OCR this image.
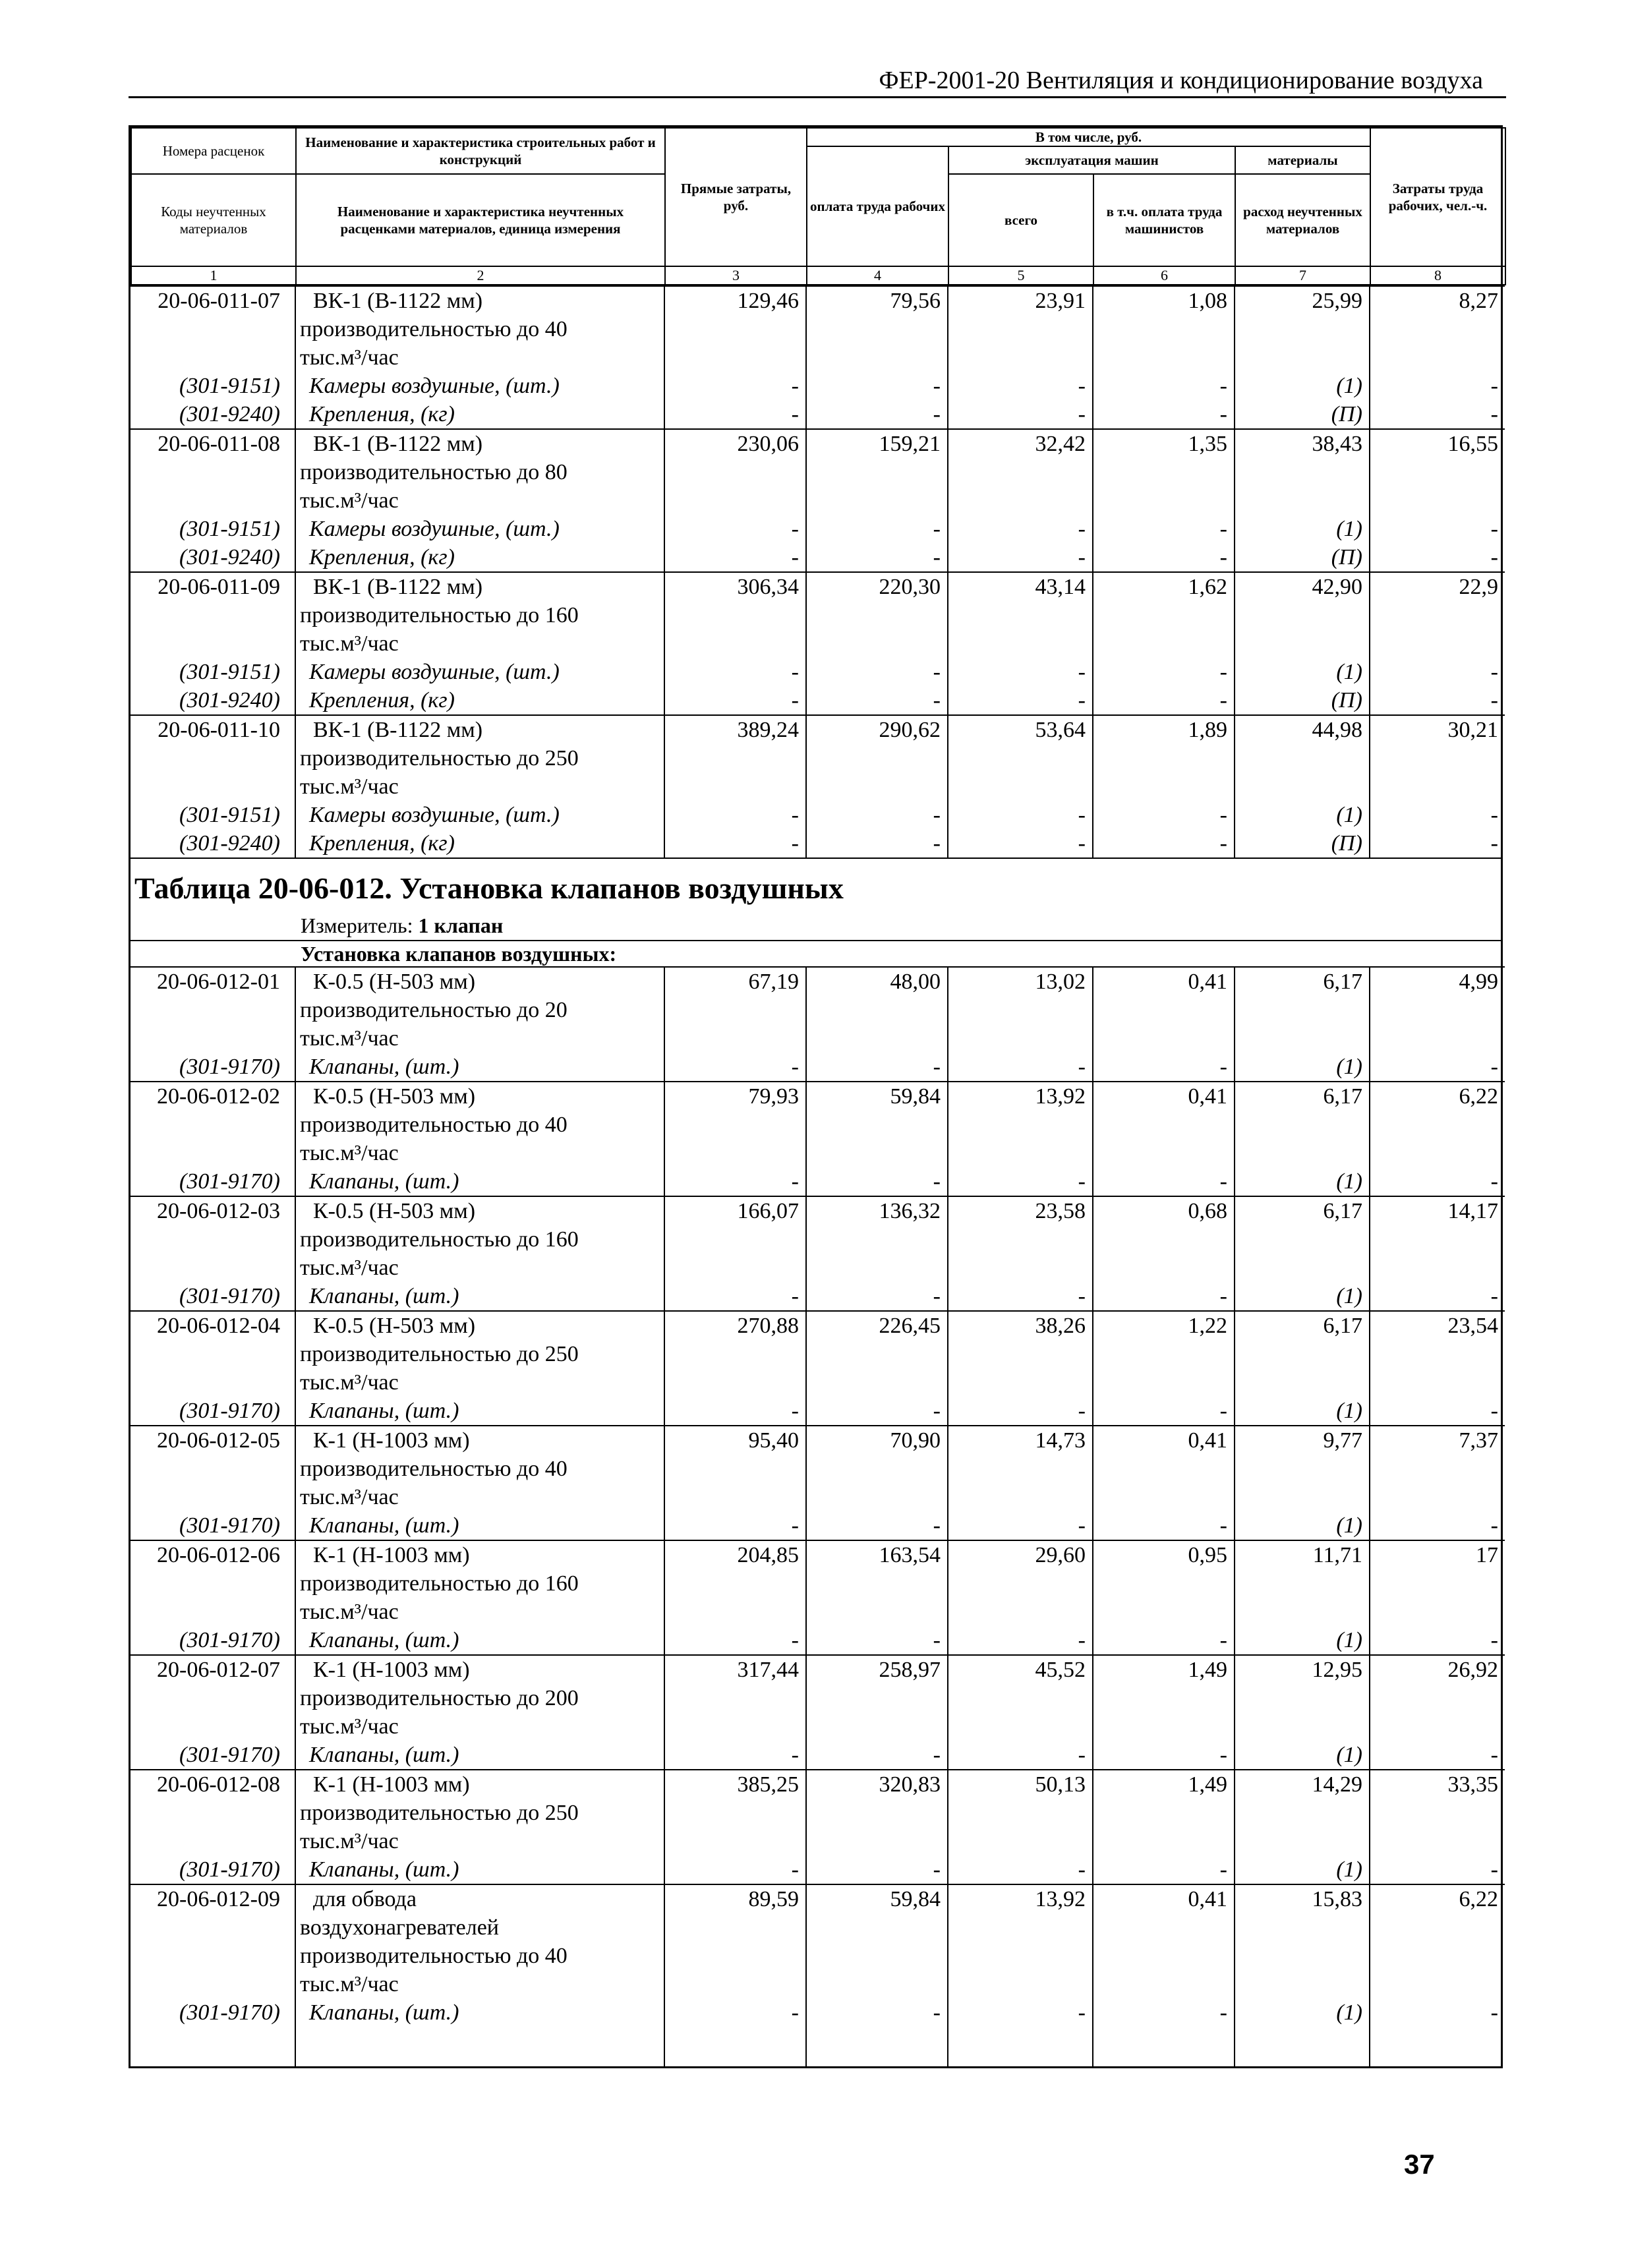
ФЕР-2001-20 Вентиляция и кондиционирование воздуха
Номера расценок	Наименование и характеристика строительных работ и конструкций	Прямые затраты, руб.	В том числе, руб.				Затраты труда рабочих, чел.-ч.
			оплата труда рабочих	эксплуатация машин		материалы	
Коды неучтенных материалов	Наименование и характеристика неучтенных расценками материалов, единица измерения			всего	в т.ч. оплата труда машинистов	расход неучтенных материалов	

1	2	3	4	5	6	7	8
20-06-011-07	ВК-1 (В-1122 мм)
производительностью до 40
тыс.м³/час	129,46	79,56	23,91	1,08	25,99	8,27
(301-9151)	Камеры воздушные, (шт.)	-	-	-	-	(1)	-
(301-9240)	Крепления, (кг)	-	-	-	-	(П)	-
20-06-011-08	ВК-1 (В-1122 мм)
производительностью до 80
тыс.м³/час	230,06	159,21	32,42	1,35	38,43	16,55
(301-9151)	Камеры воздушные, (шт.)	-	-	-	-	(1)	-
(301-9240)	Крепления, (кг)	-	-	-	-	(П)	-
20-06-011-09	ВК-1 (В-1122 мм)
производительностью до 160
тыс.м³/час	306,34	220,30	43,14	1,62	42,90	22,9
(301-9151)	Камеры воздушные, (шт.)	-	-	-	-	(1)	-
(301-9240)	Крепления, (кг)	-	-	-	-	(П)	-
20-06-011-10	ВК-1 (В-1122 мм)
производительностью до 250
тыс.м³/час	389,24	290,62	53,64	1,89	44,98	30,21
(301-9151)	Камеры воздушные, (шт.)	-	-	-	-	(1)	-
(301-9240)	Крепления, (кг)	-	-	-	-	(П)	-
Таблица 20-06-012. Установка клапанов воздушных
Измеритель: 1 клапан
Установка клапанов воздушных:
20-06-012-01	К-0.5 (Н-503 мм)
производительностью до 20
тыс.м³/час	67,19	48,00	13,02	0,41	6,17	4,99
(301-9170)	Клапаны, (шт.)	-	-	-	-	(1)	-
20-06-012-02	К-0.5 (Н-503 мм)
производительностью до 40
тыс.м³/час	79,93	59,84	13,92	0,41	6,17	6,22
(301-9170)	Клапаны, (шт.)	-	-	-	-	(1)	-
20-06-012-03	К-0.5 (Н-503 мм)
производительностью до 160
тыс.м³/час	166,07	136,32	23,58	0,68	6,17	14,17
(301-9170)	Клапаны, (шт.)	-	-	-	-	(1)	-
20-06-012-04	К-0.5 (Н-503 мм)
производительностью до 250
тыс.м³/час	270,88	226,45	38,26	1,22	6,17	23,54
(301-9170)	Клапаны, (шт.)	-	-	-	-	(1)	-
20-06-012-05	К-1 (Н-1003 мм)
производительностью до 40
тыс.м³/час	95,40	70,90	14,73	0,41	9,77	7,37
(301-9170)	Клапаны, (шт.)	-	-	-	-	(1)	-
20-06-012-06	К-1 (Н-1003 мм)
производительностью до 160
тыс.м³/час	204,85	163,54	29,60	0,95	11,71	17
(301-9170)	Клапаны, (шт.)	-	-	-	-	(1)	-
20-06-012-07	К-1 (Н-1003 мм)
производительностью до 200
тыс.м³/час	317,44	258,97	45,52	1,49	12,95	26,92
(301-9170)	Клапаны, (шт.)	-	-	-	-	(1)	-
20-06-012-08	К-1 (Н-1003 мм)
производительностью до 250
тыс.м³/час	385,25	320,83	50,13	1,49	14,29	33,35
(301-9170)	Клапаны, (шт.)	-	-	-	-	(1)	-
20-06-012-09	для обвода
воздухонагревателей
производительностью до 40
тыс.м³/час	89,59	59,84	13,92	0,41	15,83	6,22
(301-9170)	Клапаны, (шт.)	-	-	-	-	(1)	-

37
